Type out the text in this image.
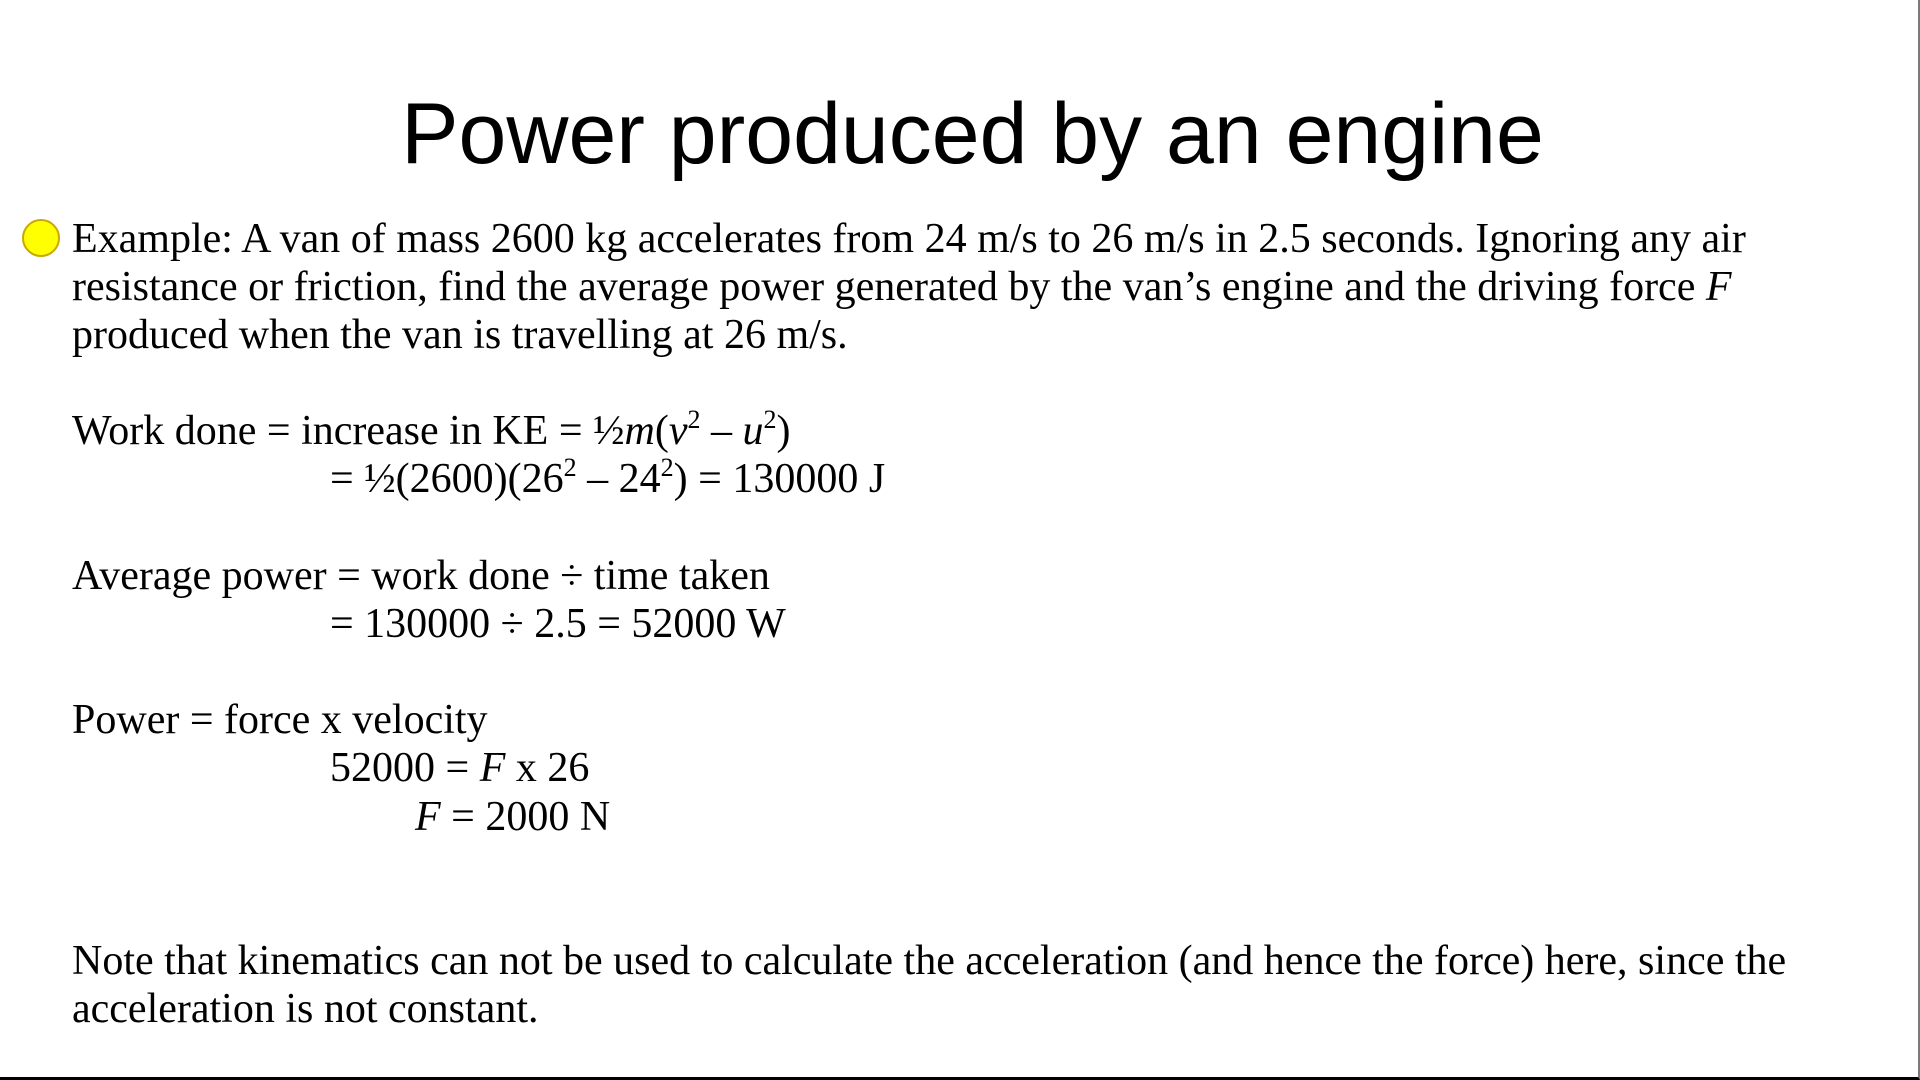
Power produced by an engine
Example: A van of mass 2600 kg accelerates from 24 m/s to 26 m/s in 2.5 seconds. Ignoring any air
resistance or friction, find the average power generated by the van’s engine and the driving force F
produced when the van is travelling at 26 m/s.
Work done = increase in KE = $\frac{1}{2}m(v^2 - u^2)$
= $\frac{1}{2}(2600)(26^2 - 24^2) = 130000$ J
Average power = work done ÷ time taken
= 130000 ÷ 2.5 = 52000 W
Power = force x velocity
52000 = F x 26
F = 2000 N
Note that kinematics can not be used to calculate the acceleration (and hence the force) here, since the
acceleration is not constant.
